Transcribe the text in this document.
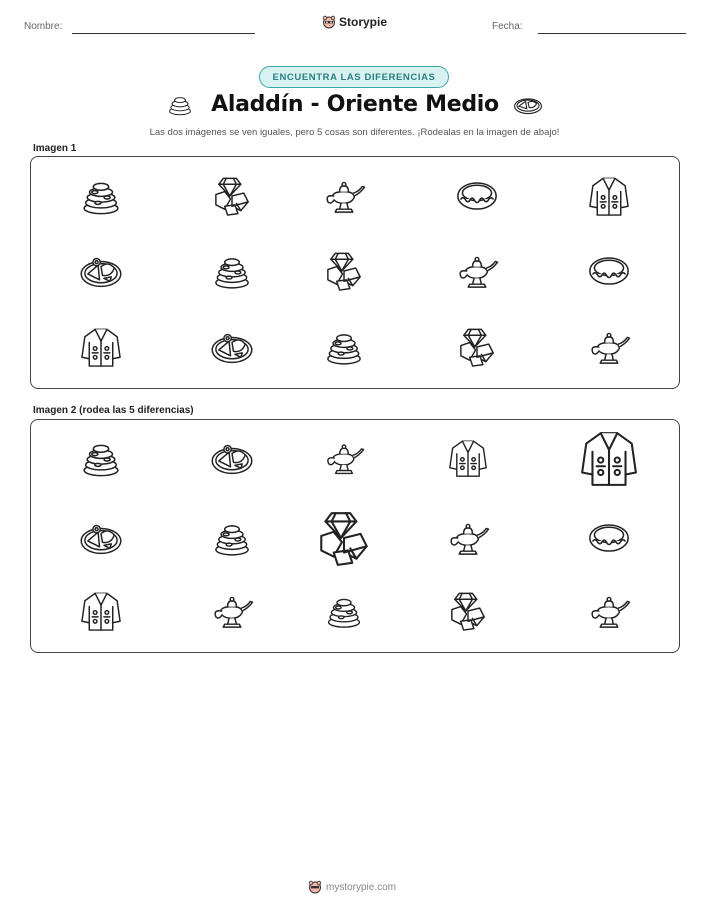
Nombre:	Storypie	Fecha:
ENCUENTRA LAS DIFERENCIAS
Aladdín - Oriente Medio
Las dos imágenes se ven iguales, pero 5 cosas son diferentes. ¡Rodealas en la imagen de abajo!
Imagen 1
Imagen 2 (rodea las 5 diferencias)
mystorypie.com
